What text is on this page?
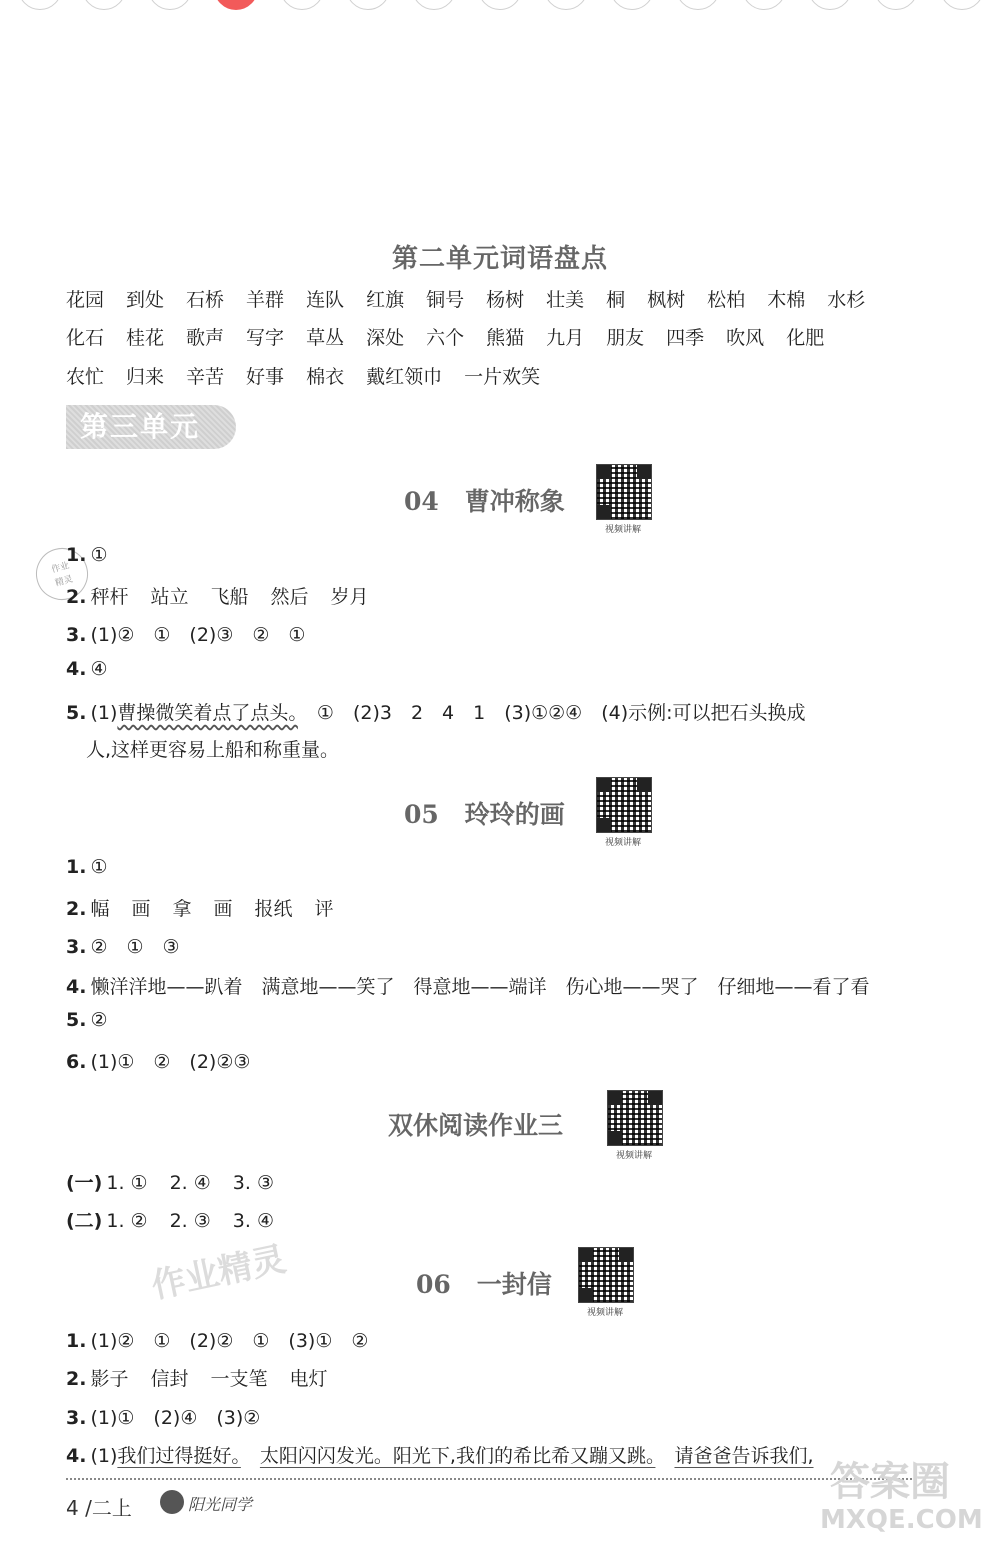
第二单元词语盘点
花园 到处 石桥 羊群 连队 红旗 铜号 杨树 壮美 桐 枫树 松柏 木棉 水杉
化石 桂花 歌声 写字 草丛 深处 六个 熊猫 九月 朋友 四季 吹风 化肥
农忙 归来 辛苦 好事 棉衣 戴红领巾 一片欢笑
第三单元
04 曹冲称象
视频讲解
作业
精灵
1. ①
2. 秤杆 站立 飞船 然后 岁月
3. (1)②　①　(2)③　②　①
4. ④
5. (1)曹操微笑着点了点头。　 ①　(2)3　2　4　1　(3)①②④　(4)示例:可以把石头换成
人,这样更容易上船和称重量。
05 玲玲的画
视频讲解
1. ①
2. 幅 画 拿 画 报纸 评
3. ②　①　③
4. 懒洋洋地——趴着　满意地——笑了　得意地——端详　伤心地——哭了　仔细地——看了看
5. ②
6. (1)①　②　(2)②③
双休阅读作业三
视频讲解
(一) 1. ① 2. ④ 3. ③
(二) 1. ② 2. ③ 3. ④
作业精灵	06 一封信
视频讲解
1. (1)②　①　(2)②　①　(3)①　②
2. 影子 信封 一支笔 电灯
3. (1)①　(2)④　(3)②
4. (1)我们过得挺好。　 太阳闪闪发光。阳光下,我们的希比希又蹦又跳。　 请爸爸告诉我们,
4 /二上	阳光同学	答案圈
MXQE.COM
